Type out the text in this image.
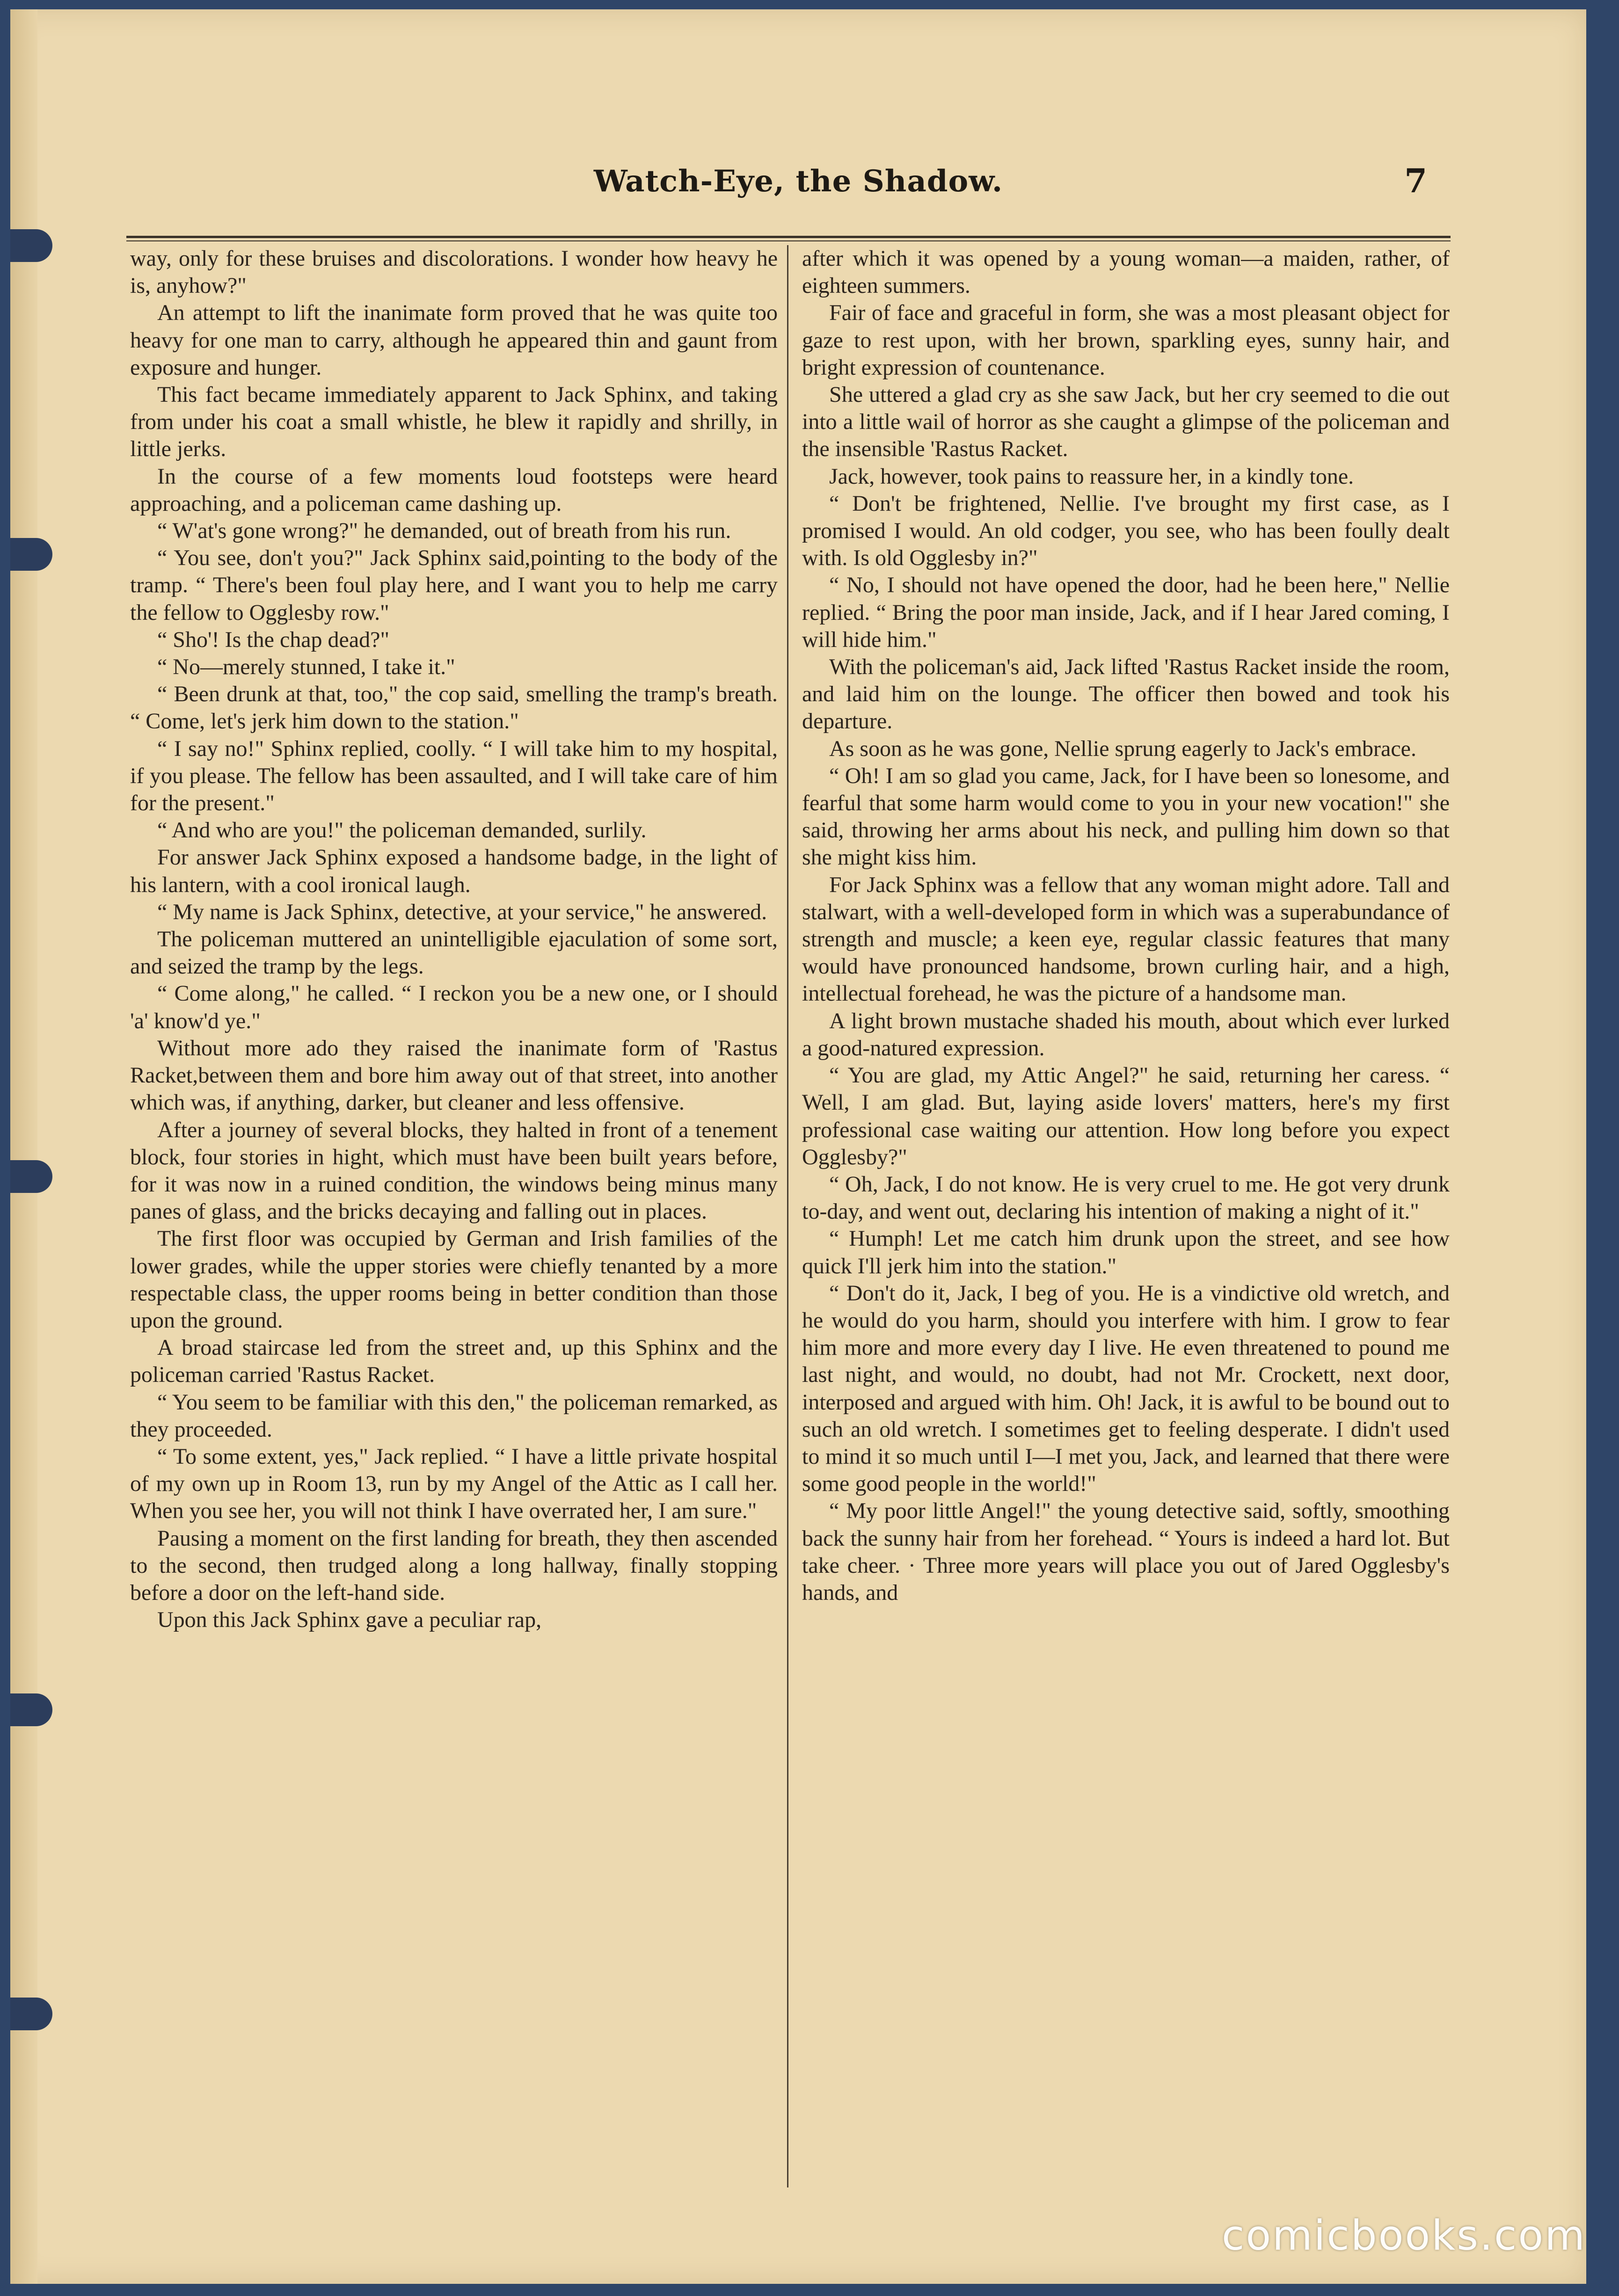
Watch-Eye, the Shadow.	7

way, only for these bruises and discolorations. I wonder how heavy he is, anyhow?"

An attempt to lift the inanimate form proved that he was quite too heavy for one man to carry, although he appeared thin and gaunt from exposure and hunger.

This fact became immediately apparent to Jack Sphinx, and taking from under his coat a small whistle, he blew it rapidly and shrilly, in little jerks.

In the course of a few moments loud footsteps were heard approaching, and a policeman came dashing up.

“ W'at's gone wrong?" he demanded, out of breath from his run.

“ You see, don't you?" Jack Sphinx said,pointing to the body of the tramp. “ There's been foul play here, and I want you to help me carry the fellow to Ogglesby row."

“ Sho'! Is the chap dead?"

“ No—merely stunned, I take it."

“ Been drunk at that, too," the cop said, smelling the tramp's breath. “ Come, let's jerk him down to the station."

“ I say no!" Sphinx replied, coolly. “ I will take him to my hospital, if you please. The fellow has been assaulted, and I will take care of him for the present."

“ And who are you!" the policeman demanded, surlily.

For answer Jack Sphinx exposed a handsome badge, in the light of his lantern, with a cool ironical laugh.

“ My name is Jack Sphinx, detective, at your service," he answered.

The policeman muttered an unintelligible ejaculation of some sort, and seized the tramp by the legs.

“ Come along," he called. “ I reckon you be a new one, or I should 'a' know'd ye."

Without more ado they raised the inanimate form of 'Rastus Racket,between them and bore him away out of that street, into another which was, if anything, darker, but cleaner and less offensive.

After a journey of several blocks, they halted in front of a tenement block, four stories in hight, which must have been built years before, for it was now in a ruined condition, the windows being minus many panes of glass, and the bricks decaying and falling out in places.

The first floor was occupied by German and Irish families of the lower grades, while the upper stories were chiefly tenanted by a more respectable class, the upper rooms being in better condition than those upon the ground.

A broad staircase led from the street and, up this Sphinx and the policeman carried 'Rastus Racket.

“ You seem to be familiar with this den," the policeman remarked, as they proceeded.

“ To some extent, yes," Jack replied. “ I have a little private hospital of my own up in Room 13, run by my Angel of the Attic as I call her. When you see her, you will not think I have overrated her, I am sure."

Pausing a moment on the first landing for breath, they then ascended to the second, then trudged along a long hallway, finally stopping before a door on the left-hand side.

Upon this Jack Sphinx gave a peculiar rap,

after which it was opened by a young woman—a maiden, rather, of eighteen summers.

Fair of face and graceful in form, she was a most pleasant object for gaze to rest upon, with her brown, sparkling eyes, sunny hair, and bright expression of countenance.

She uttered a glad cry as she saw Jack, but her cry seemed to die out into a little wail of horror as she caught a glimpse of the policeman and the insensible 'Rastus Racket.

Jack, however, took pains to reassure her, in a kindly tone.

“ Don't be frightened, Nellie. I've brought my first case, as I promised I would. An old codger, you see, who has been foully dealt with. Is old Ogglesby in?"

“ No, I should not have opened the door, had he been here," Nellie replied. “ Bring the poor man inside, Jack, and if I hear Jared coming, I will hide him."

With the policeman's aid, Jack lifted 'Rastus Racket inside the room, and laid him on the lounge. The officer then bowed and took his departure.

As soon as he was gone, Nellie sprung eagerly to Jack's embrace.

“ Oh! I am so glad you came, Jack, for I have been so lonesome, and fearful that some harm would come to you in your new vocation!" she said, throwing her arms about his neck, and pulling him down so that she might kiss him.

For Jack Sphinx was a fellow that any woman might adore. Tall and stalwart, with a well-developed form in which was a superabundance of strength and muscle; a keen eye, regular classic features that many would have pronounced handsome, brown curling hair, and a high, intellectual forehead, he was the picture of a handsome man.

A light brown mustache shaded his mouth, about which ever lurked a good-natured expression.

“ You are glad, my Attic Angel?" he said, returning her caress. “ Well, I am glad. But, laying aside lovers' matters, here's my first professional case waiting our attention. How long before you expect Ogglesby?"

“ Oh, Jack, I do not know. He is very cruel to me. He got very drunk to-day, and went out, declaring his intention of making a night of it."

“ Humph! Let me catch him drunk upon the street, and see how quick I'll jerk him into the station."

“ Don't do it, Jack, I beg of you. He is a vindictive old wretch, and he would do you harm, should you interfere with him. I grow to fear him more and more every day I live. He even threatened to pound me last night, and would, no doubt, had not Mr. Crockett, next door, interposed and argued with him. Oh! Jack, it is awful to be bound out to such an old wretch. I sometimes get to feeling desperate. I didn't used to mind it so much until I—I met you, Jack, and learned that there were some good people in the world!"

“ My poor little Angel!" the young detective said, softly, smoothing back the sunny hair from her forehead. “ Yours is indeed a hard lot. But take cheer. · Three more years will place you out of Jared Ogglesby's hands, and

comicbooks.com
